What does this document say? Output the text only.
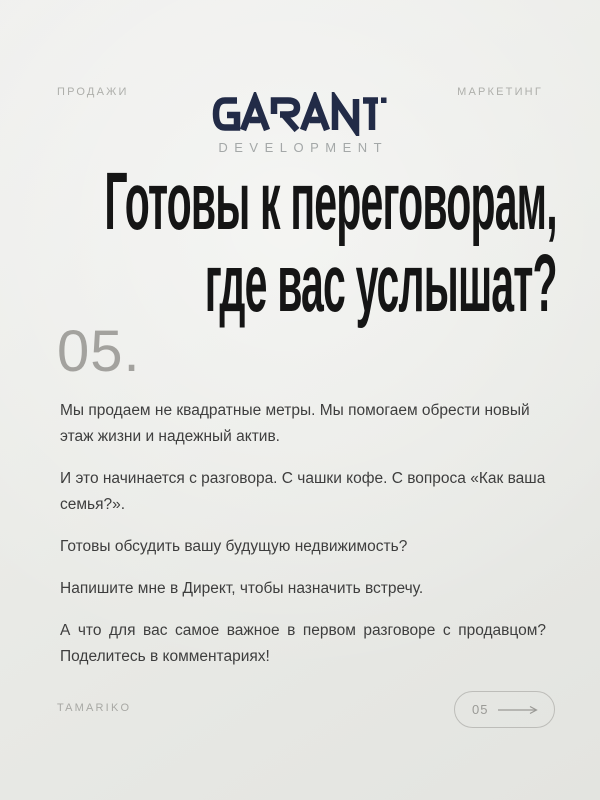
ПРОДАЖИ	МАРКЕТИНГ
DEVELOPMENT
Готовы к переговорам,
где вас услышат?
05.

Мы продаем не квадратные метры. Мы помогаем обрести новый этаж жизни и надежный актив.

И это начинается с разговора. С чашки кофе. С вопроса «Как ваша семья?».

Готовы обсудить вашу будущую недвижимость?

Напишите мне в Директ, чтобы назначить встречу.

А что для вас самое важное в первом разговоре с продавцом? Поделитесь в комментариях!

TAMARIKO	05
